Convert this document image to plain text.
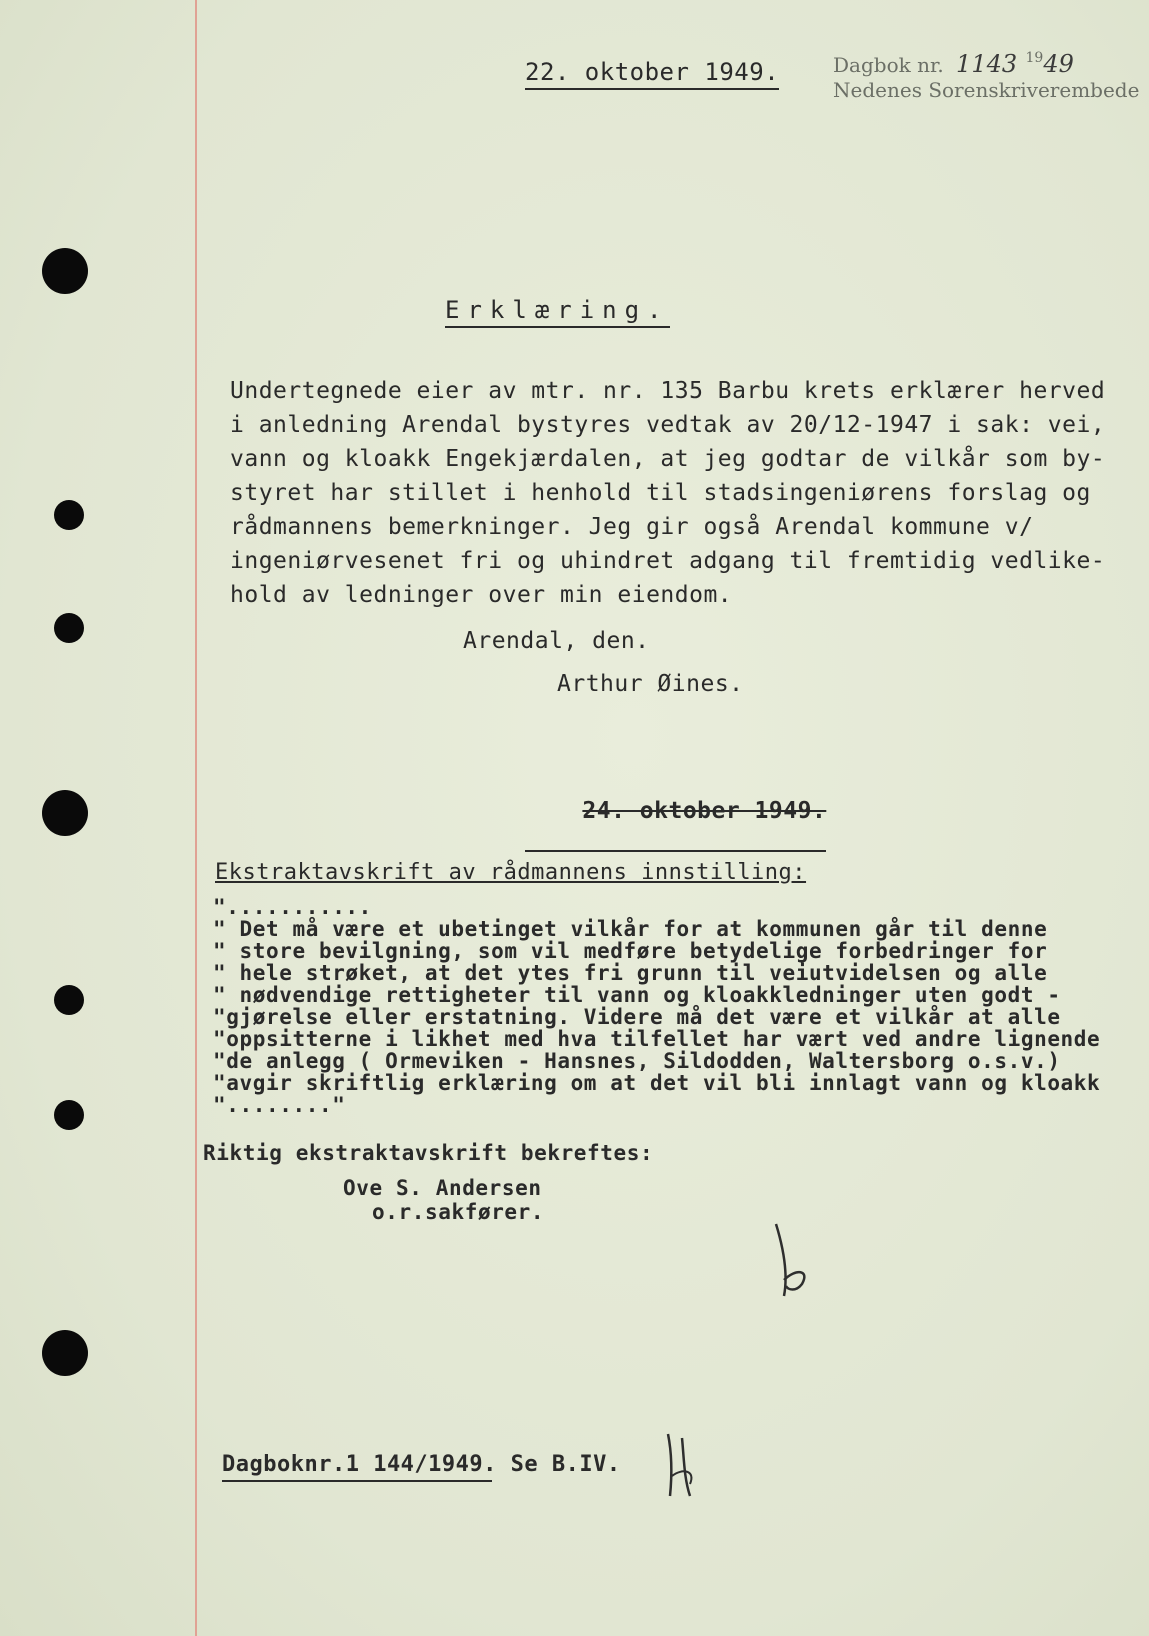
22. oktober 1949.	Dagbok nr. 1143 $^{19}$49
Nedenes Sorenskriverembede
Erklæring.
Undertegnede eier av mtr. nr. 135 Barbu krets erklærer herved
i anledning Arendal bystyres vedtak av 20/12-1947 i sak: vei,
vann og kloakk Engekjærdalen, at jeg godtar de vilkår som by-
styret har stillet i henhold til stadsingeniørens forslag og
rådmannens bemerkninger. Jeg gir også Arendal kommune v/
ingeniørvesenet fri og uhindret adgang til fremtidig vedlike-
hold av ledninger over min eiendom.
Arendal, den.
Arthur Øines.

24. oktober 1949.

Ekstraktavskrift av rådmannens innstilling:
"...........
" Det må være et ubetinget vilkår for at kommunen går til denne
" store bevilgning, som vil medføre betydelige forbedringer for
" hele strøket, at det ytes fri grunn til veiutvidelsen og alle
" nødvendige rettigheter til vann og kloakkledninger uten godt -
"gjørelse eller erstatning. Videre må det være et vilkår at alle
"oppsitterne i likhet med hva tilfellet har vært ved andre lignende
"de anlegg ( Ormeviken - Hansnes, Sildodden, Waltersborg o.s.v.)
"avgir skriftlig erklæring om at det vil bli innlagt vann og kloakk
"........"
Riktig ekstraktavskrift bekreftes:
Ove S. Andersen
o.r.sakfører.
Dagboknr.1 144/1949. Se B.IV.
